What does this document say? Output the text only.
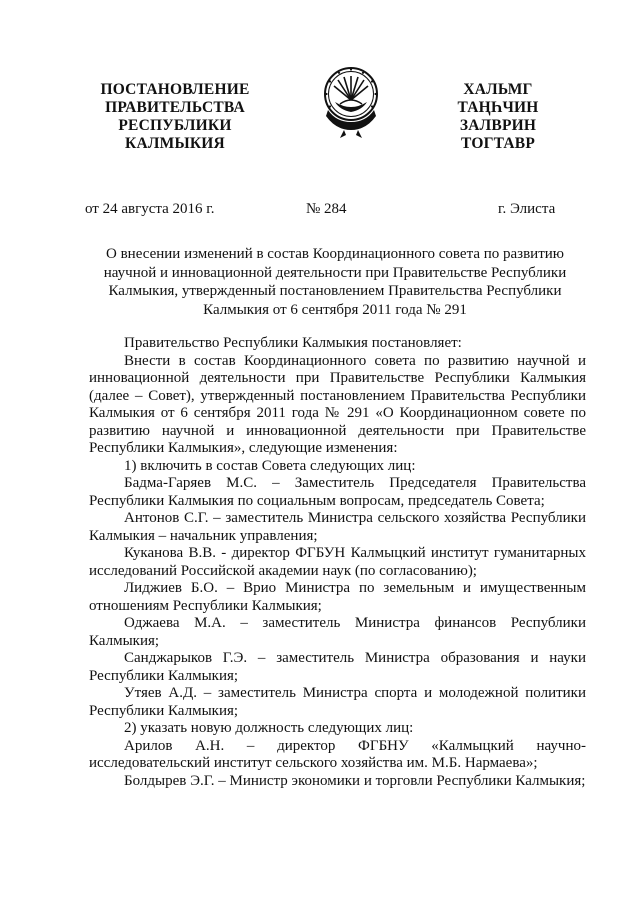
ПОСТАНОВЛЕНИЕ
ПРАВИТЕЛЬСТВА
РЕСПУБЛИКИ
КАЛМЫКИЯ
ХАЛЬМГ
ТАҢҺЧИН
ЗАЛВРИН
ТОГТАВР
от 24 августа 2016 г.	№ 284	г. Элиста
О внесении изменений в состав Координационного совета по развитию научной и инновационной деятельности при Правительстве Республики Калмыкия, утвержденный постановлением Правительства Республики Калмыкия от 6 сентября 2011 года № 291

Правительство Республики Калмыкия постановляет:

Внести в состав Координационного совета по развитию научной и инновационной деятельности при Правительстве Республики Калмыкия (далее – Совет), утвержденный постановлением Правительства Республики Калмыкия от 6 сентября 2011 года № 291 «О Координационном совете по развитию научной и инновационной деятельности при Правительстве Республики Калмыкия», следующие изменения:

1) включить в состав Совета следующих лиц:

Бадма-Гаряев М.С. – Заместитель Председателя Правительства Республики Калмыкия по социальным вопросам, председатель Совета;

Антонов С.Г. – заместитель Министра сельского хозяйства Республики Калмыкия – начальник управления;

Куканова В.В. - директор ФГБУН Калмыцкий институт гуманитарных исследований Российской академии наук (по согласованию);

Лиджиев Б.О. – Врио Министра по земельным и имущественным отношениям Республики Калмыкия;

Оджаева М.А. – заместитель Министра финансов Республики Калмыкия;

Санджарыков Г.Э. – заместитель Министра образования и науки Республики Калмыкия;

Утяев А.Д. – заместитель Министра спорта и молодежной политики Республики Калмыкия;

2) указать новую должность следующих лиц:

Арилов А.Н. – директор ФГБНУ «Калмыцкий научно-исследовательский институт сельского хозяйства им. М.Б. Нармаева»;

Болдырев Э.Г. – Министр экономики и торговли Республики Калмыкия;
